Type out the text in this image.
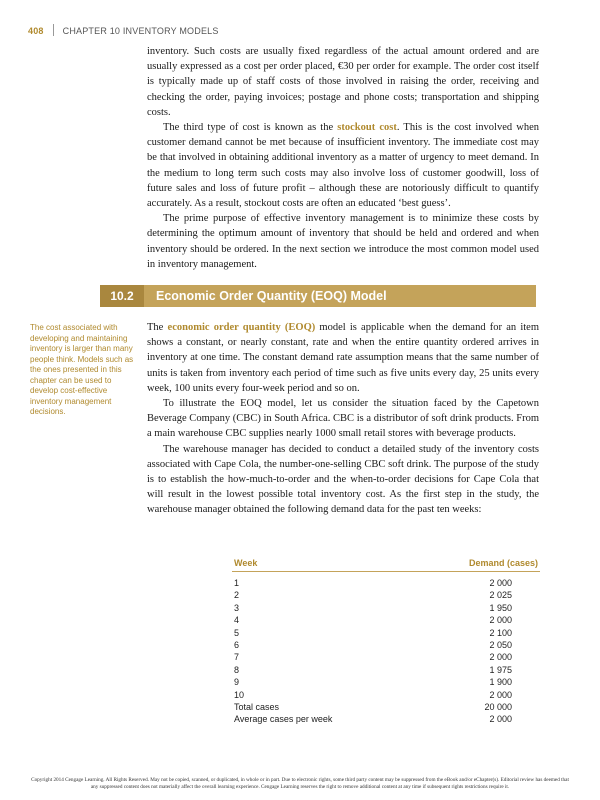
408 CHAPTER 10 INVENTORY MODELS

inventory. Such costs are usually fixed regardless of the actual amount ordered and are usually expressed as a cost per order placed, €30 per order for example. The order cost itself is typically made up of staff costs of those involved in raising the order, receiving and checking the order, paying invoices; postage and phone costs; transportation and shipping costs.

The third type of cost is known as the stockout cost. This is the cost involved when customer demand cannot be met because of insufficient inventory. The immediate cost may be that involved in obtaining additional inventory as a matter of urgency to meet demand. In the medium to long term such costs may also involve loss of customer goodwill, loss of future sales and loss of future profit – although these are notoriously difficult to quantify accurately. As a result, stockout costs are often an educated ‘best guess’.

The prime purpose of effective inventory management is to minimize these costs by determining the optimum amount of inventory that should be held and ordered and when inventory should be ordered. In the next section we introduce the most common model used in inventory management.

10.2	Economic Order Quantity (EOQ) Model
The cost associated with developing and maintaining inventory is larger than many people think. Models such as the ones presented in this chapter can be used to develop cost-effective inventory management decisions.

The economic order quantity (EOQ) model is applicable when the demand for an item shows a constant, or nearly constant, rate and when the entire quantity ordered arrives in inventory at one time. The constant demand rate assumption means that the same number of units is taken from inventory each period of time such as five units every day, 25 units every week, 100 units every four-week period and so on.

To illustrate the EOQ model, let us consider the situation faced by the Capetown Beverage Company (CBC) in South Africa. CBC is a distributor of soft drink products. From a main warehouse CBC supplies nearly 1000 small retail stores with beverage products.

The warehouse manager has decided to conduct a detailed study of the inventory costs associated with Cape Cola, the number-one-selling CBC soft drink. The purpose of the study is to establish the how-much-to-order and the when-to-order decisions for Cape Cola that will result in the lowest possible total inventory cost. As the first step in the study, the warehouse manager obtained the following demand data for the past ten weeks:

Week	Demand (cases)
1	2 000
2	2 025
3	1 950
4	2 000
5	2 100
6	2 050
7	2 000
8	1 975
9	1 900
10	2 000
Total cases	20 000
Average cases per week	2 000
Copyright 2014 Cengage Learning. All Rights Reserved. May not be copied, scanned, or duplicated, in whole or in part. Due to electronic rights, some third party content may be suppressed from the eBook and/or eChapter(s). Editorial review has deemed that any suppressed content does not materially affect the overall learning experience. Cengage Learning reserves the right to remove additional content at any time if subsequent rights restrictions require it.
